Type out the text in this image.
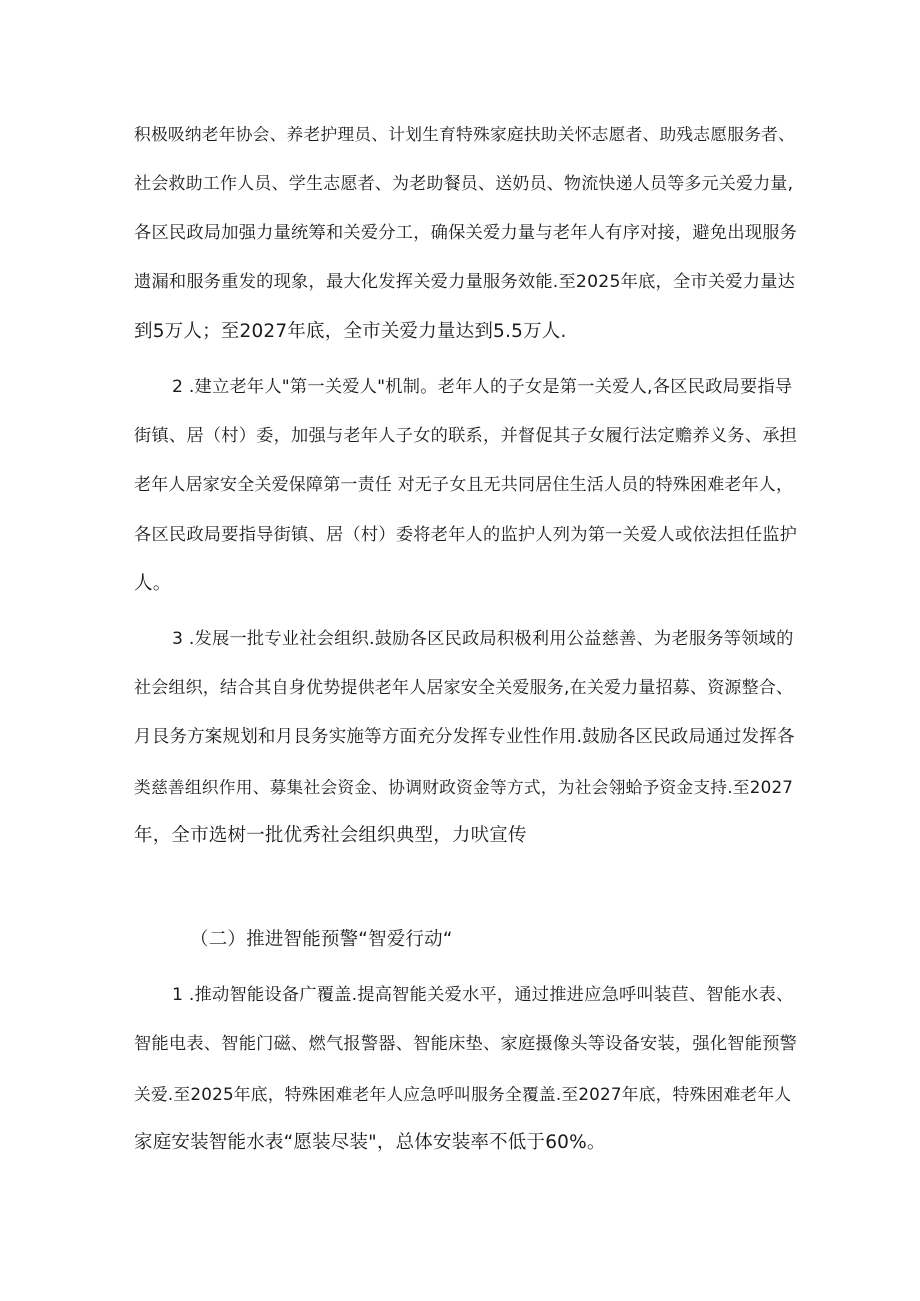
积极吸纳老年协会、养老护理员、计划生育特殊家庭扶助关怀志愿者、助残志愿服务者、
社会救助工作人员、学生志愿者、为老助餐员、送奶员、物流快递人员等多元关爱力量,
各区民政局加强力量统筹和关爱分工，确保关爱力量与老年人有序对接，避免出现服务
遗漏和服务重发的现象，最大化发挥关爱力量服务效能.至2025年底，全市关爱力量达
到5万人；至2027年底，全市关爱力量达到5.5万人.
2 .建立老年人"第一关爱人"机制。老年人的子女是第一关爱人,各区民政局要指导
街镇、居（村）委，加强与老年人子女的联系，并督促其子女履行法定赡养义务、承担
老年人居家安全关爱保障第一责任 对无子女且无共同居住生活人员的特殊困难老年人，
各区民政局要指导街镇、居（村）委将老年人的监护人列为第一关爱人或依法担任监护
人。
3 .发展一批专业社会组织.鼓励各区民政局积极利用公益慈善、为老服务等领域的
社会组织，结合其自身优势提供老年人居家安全关爱服务,在关爱力量招募、资源整合、
月艮务方案规划和月艮务实施等方面充分发挥专业性作用.鼓励各区民政局通过发挥各
类慈善组织作用、募集社会资金、协调财政资金等方式，为社会翎蛤予资金支持.至2027
年，全市选树一批优秀社会组织典型，力吠宣传
（二）推进智能预警“智爱行动“
1 .推动智能设备广覆盖.提高智能关爱水平，通过推进应急呼叫装苣、智能水表、
智能电表、智能门磁、燃气报警器、智能床垫、家庭摄像头等设备安装，强化智能预警
关爱.至2025年底，特殊困难老年人应急呼叫服务全覆盖.至2027年底，特殊困难老年人
家庭安装智能水表“愿装尽装"，总体安装率不低于60%。
